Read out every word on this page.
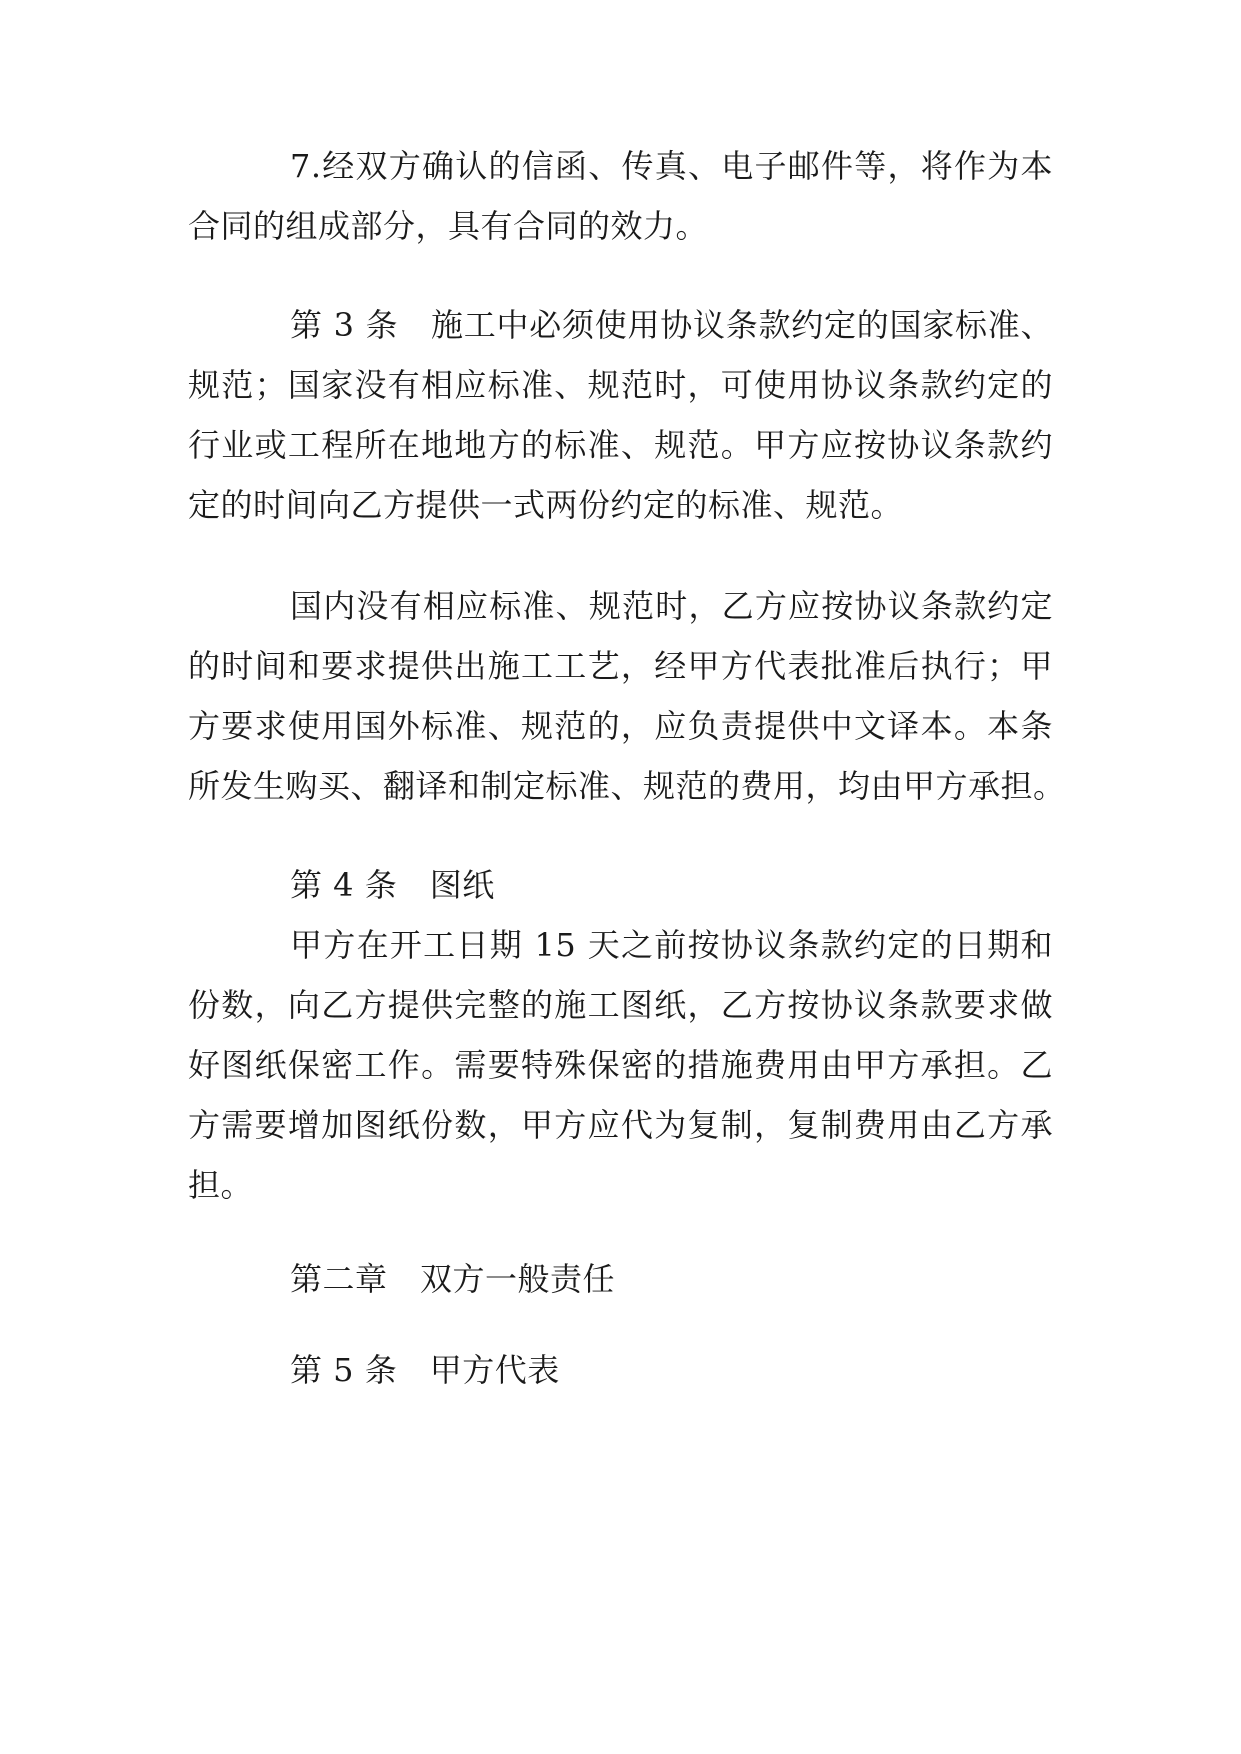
7.经双方确认的信函、传真、电子邮件等，将作为本
合同的组成部分，具有合同的效力。
第 3 条　施工中必须使用协议条款约定的国家标准、
规范；国家没有相应标准、规范时，可使用协议条款约定的
行业或工程所在地地方的标准、规范。甲方应按协议条款约
定的时间向乙方提供一式两份约定的标准、规范。
国内没有相应标准、规范时，乙方应按协议条款约定
的时间和要求提供出施工工艺，经甲方代表批准后执行；甲
方要求使用国外标准、规范的，应负责提供中文译本。本条
所发生购买、翻译和制定标准、规范的费用，均由甲方承担。
第 4 条　图纸
甲方在开工日期 15 天之前按协议条款约定的日期和
份数，向乙方提供完整的施工图纸，乙方按协议条款要求做
好图纸保密工作。需要特殊保密的措施费用由甲方承担。乙
方需要增加图纸份数，甲方应代为复制，复制费用由乙方承
担。
第二章　双方一般责任
第 5 条　甲方代表
